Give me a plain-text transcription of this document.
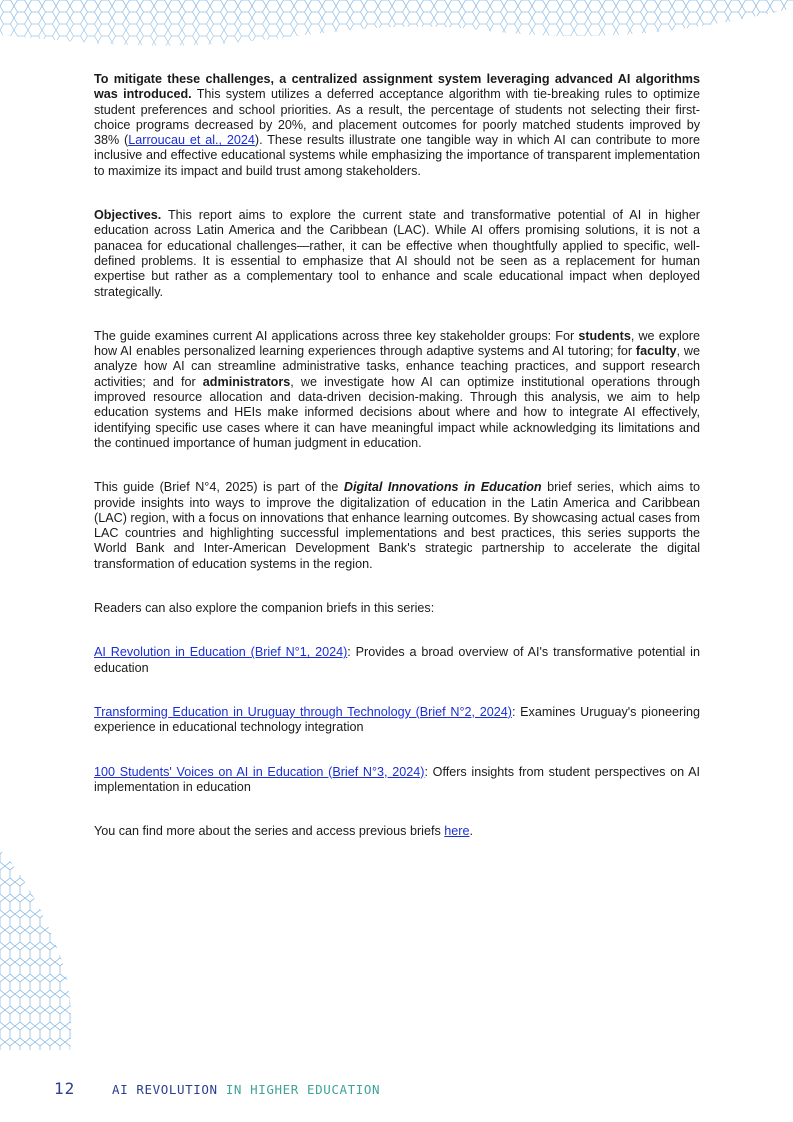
To mitigate these challenges, a centralized assignment system leveraging advanced AI algorithms was introduced. This system utilizes a deferred acceptance algorithm with tie-breaking rules to optimize student preferences and school priorities. As a result, the percentage of students not selecting their first-choice programs decreased by 20%, and placement outcomes for poorly matched students improved by 38% (Larroucau et al., 2024). These results illustrate one tangible way in which AI can contribute to more inclusive and effective educational systems while emphasizing the importance of transparent implementation to maximize its impact and build trust among stakeholders.

Objectives. This report aims to explore the current state and transformative potential of AI in higher education across Latin America and the Caribbean (LAC). While AI offers promising solutions, it is not a panacea for educational challenges—rather, it can be effective when thoughtfully applied to specific, well-defined problems. It is essential to emphasize that AI should not be seen as a replacement for human expertise but rather as a complementary tool to enhance and scale educational impact when deployed strategically.

The guide examines current AI applications across three key stakeholder groups: For students, we explore how AI enables personalized learning experiences through adaptive systems and AI tutoring; for faculty, we analyze how AI can streamline administrative tasks, enhance teaching practices, and support research activities; and for administrators, we investigate how AI can optimize institutional operations through improved resource allocation and data-driven decision-making. Through this analysis, we aim to help education systems and HEIs make informed decisions about where and how to integrate AI effectively, identifying specific use cases where it can have meaningful impact while acknowledging its limitations and the continued importance of human judgment in education.

This guide (Brief N°4, 2025) is part of the Digital Innovations in Education brief series, which aims to provide insights into ways to improve the digitalization of education in the Latin America and Caribbean (LAC) region, with a focus on innovations that enhance learning outcomes. By showcasing actual cases from LAC countries and highlighting successful implementations and best practices, this series supports the World Bank and Inter-American Development Bank's strategic partnership to accelerate the digital transformation of education systems in the region.

Readers can also explore the companion briefs in this series:

AI Revolution in Education (Brief N°1, 2024): Provides a broad overview of AI's transformative potential in education

Transforming Education in Uruguay through Technology (Brief N°2, 2024): Examines Uruguay's pioneering experience in educational technology integration

100 Students' Voices on AI in Education (Brief N°3, 2024): Offers insights from student perspectives on AI implementation in education

You can find more about the series and access previous briefs here.

12	AI REVOLUTION IN HIGHER EDUCATION
